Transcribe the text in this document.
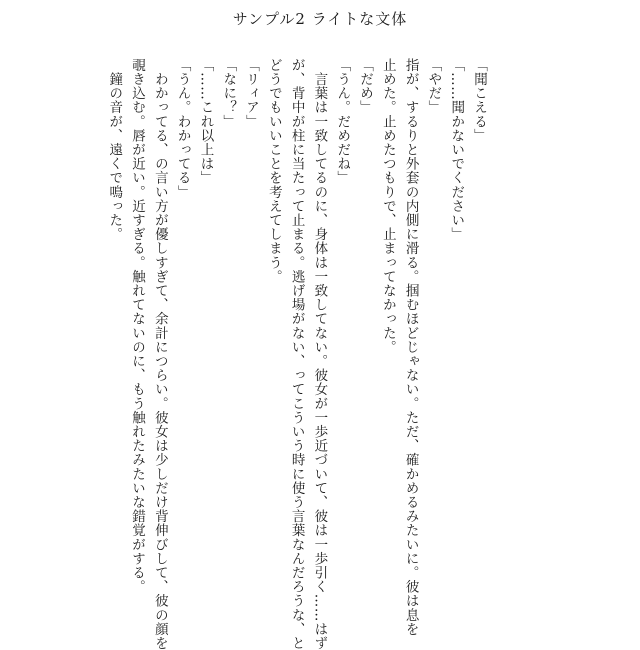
サンプル2 ライトな文体
「聞こえる」
「……聞かないでください」
「やだ」
指が、するりと外套の内側に滑る。掴むほどじゃない。ただ、確かめるみたいに。彼は息を
止めた。止めたつもりで、止まってなかった。
「だめ」
「うん。だめだね」
　言葉は一致してるのに、身体は一致してない。彼女が一歩近づいて、彼は一歩引く……はず
が、背中が柱に当たって止まる。逃げ場がない、ってこういう時に使う言葉なんだろうな、と
どうでもいいことを考えてしまう。
「リィア」
「なに？」
「……これ以上は」
「うん。わかってる」
　わかってる、の言い方が優しすぎて、余計につらい。彼女は少しだけ背伸びして、彼の顔を
覗き込む。唇が近い。近すぎる。触れてないのに、もう触れたみたいな錯覚がする。
　鐘の音が、遠くで鳴った。
